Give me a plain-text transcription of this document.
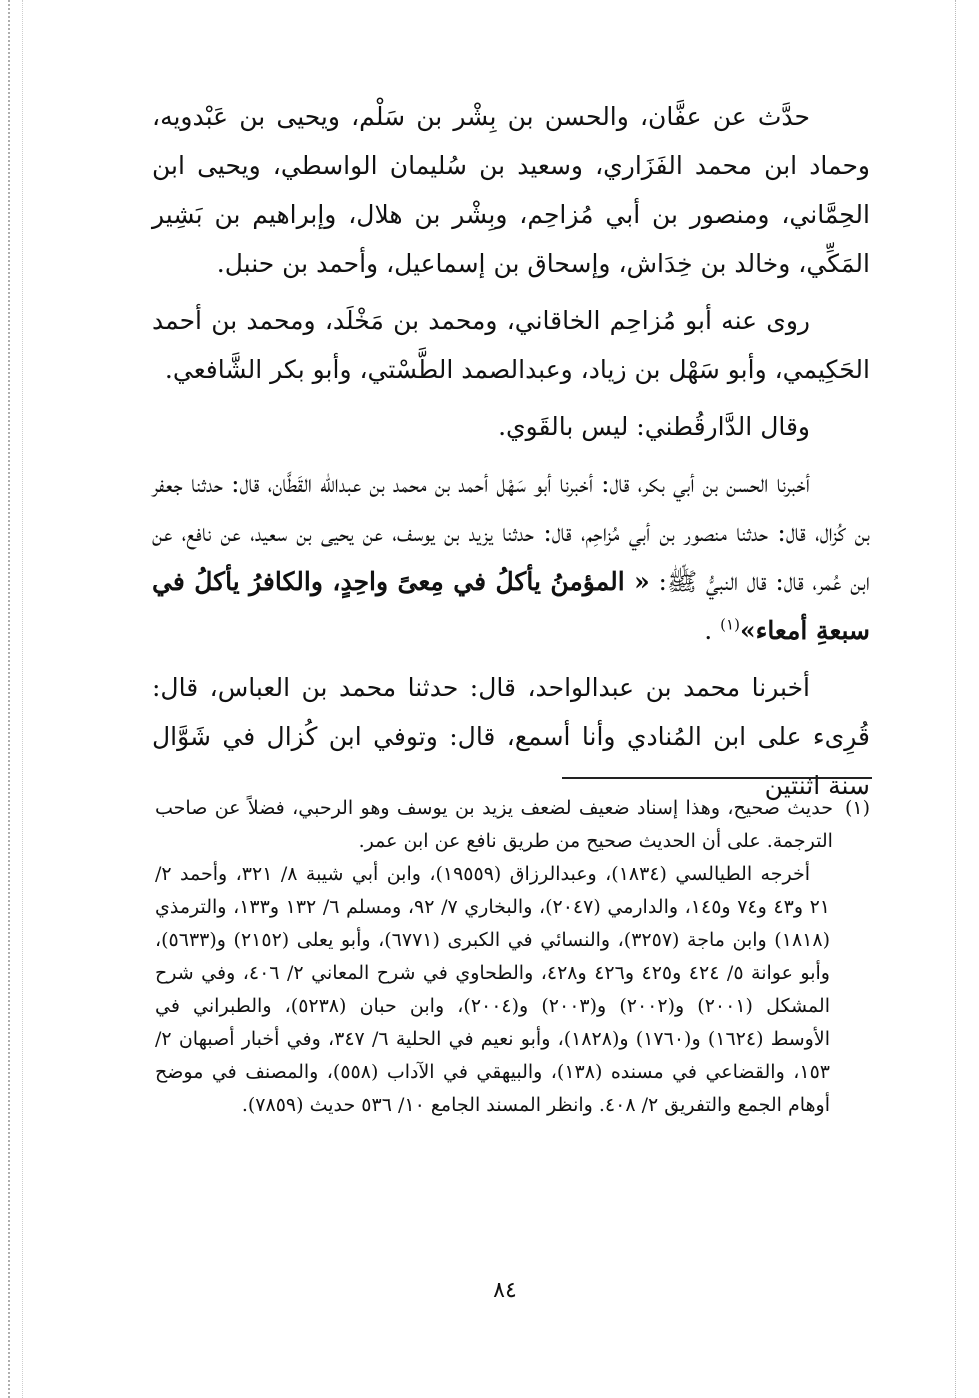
حدَّث عن عفَّان، والحسن بن بِشْر بن سَلْم، ويحيى بن عَبْدويه، وحماد ابن محمد الفَزَاري، وسعيد بن سُليمان الواسطي، ويحيى ابن الحِمَّاني، ومنصور بن أبي مُزاحِم، وبِشْر بن هلال، وإبراهيم بن بَشِير المَكِّي، وخالد بن خِدَاش، وإسحاق بن إسماعيل، وأحمد بن حنبل.

روى عنه أبو مُزاحِم الخاقاني، ومحمد بن مَخْلَد، ومحمد بن أحمد الحَكِيمي، وأبو سَهْل بن زياد، وعبدالصمد الطَّسْتي، وأبو بكر الشَّافعي.

وقال الدَّارقُطني: ليس بالقَوي.

أخبرنا الحسن بن أبي بكر، قال: أخبرنا أبو سَهْل أحمد بن محمد بن عبدالله القَطَّان، قال: حدثنا جعفر بن كُزال، قال: حدثنا منصور بن أبي مُزاحِم، قال: حدثنا يزيد بن يوسف، عن يحيى بن سعيد، عن نافع، عن ابن عُمر، قال: قال النبيُّ ﷺ: « المؤمنُ يأكلُ في مِعىً واحِدٍ، والكافرُ يأكلُ في سبعةِ أمعاء»$^{(١)}$ .

أخبرنا محمد بن عبدالواحد، قال: حدثنا محمد بن العباس، قال: قُرِىء على ابن المُنادي وأنا أسمع، قال: وتوفي ابن كُزال في شَوَّال سنة اثنتين

(١)
حديث صحيح، وهذا إسناد ضعيف لضعف يزيد بن يوسف وهو الرحبي، فضلاً عن صاحب الترجمة. على أن الحديث صحيح من طريق نافع عن ابن عمر.

أخرجه الطيالسي (١٨٣٤)، وعبدالرزاق (١٩٥٥٩)، وابن أبي شيبة ٨/ ٣٢١، وأحمد ٢/ ٢١ و٤٣ و٧٤ و١٤٥، والدارمي (٢٠٤٧)، والبخاري ٧/ ٩٢، ومسلم ٦/ ١٣٢ و١٣٣، والترمذي (١٨١٨) وابن ماجة (٣٢٥٧)، والنسائي في الكبرى (٦٧٧١)، وأبو يعلى (٢١٥٢) و(٥٦٣٣)، وأبو عوانة ٥/ ٤٢٤ و٤٢٥ و٤٢٦ و٤٢٨، والطحاوي في شرح المعاني ٢/ ٤٠٦، وفي شرح المشكل (٢٠٠١) و(٢٠٠٢) و(٢٠٠٣) و(٢٠٠٤)، وابن حبان (٥٢٣٨)، والطبراني في الأوسط (١٦٢٤) و(١٧٦٠) و(١٨٢٨)، وأبو نعيم في الحلية ٦/ ٣٤٧، وفي أخبار أصبهان ٢/ ١٥٣، والقضاعي في مسنده (١٣٨)، والبيهقي في الآداب (٥٥٨)، والمصنف في موضح أوهام الجمع والتفريق ٢/ ٤٠٨. وانظر المسند الجامع ١٠/ ٥٣٦ حديث (٧٨٥٩).

٨٤
